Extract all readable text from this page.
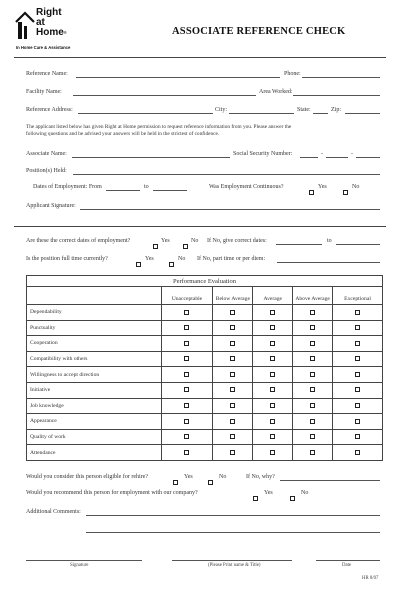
Right
at
Home®
In Home Care & Assistance
ASSOCIATE REFERENCE CHECK
Reference Name:	Phone:
Facility Name:	Area Worked:
Reference Address:	City:	State:	Zip:
The applicant listed below has given Right at Home permission to request reference information from you. Please answer the
following questions and be advised your answers will be held in the strictest of confidence.
Associate Name:	Social Security Number:	-	-
Position(s) Held:
Dates of Employment: From	to	Was Employment Continuous?	Yes	No
Applicant Signature:
Are these the correct dates of employment?	Yes	No If No, give correct dates:	to
Is the position full time currently?	Yes	No If No, part time or per diem:
Performance Evaluation					
	Unacceptable	Below Average	Average	Above Average	Exceptional
Dependability					
Punctuality					
Cooperation					
Compatibility with others					
Willingness to accept direction					
Initiative					
Job knowledge					
Appearance					
Quality of work					
Attendance					
Would you consider this person eligible for rehire?	Yes	No	If No, why?
Would you recommend this person for employment with our company?	Yes	No
Additional Comments:
Signature	(Please Print name & Title)	Date
HR 8/07
